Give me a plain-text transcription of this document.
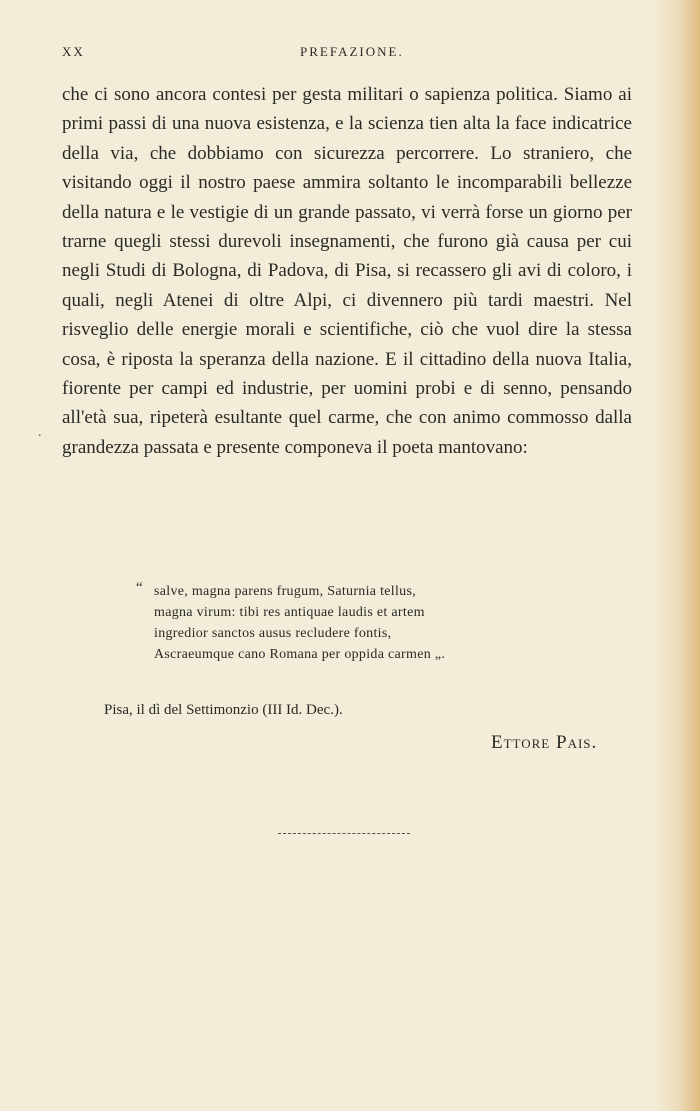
XX	PREFAZIONE.

che ci sono ancora contesi per gesta militari o sapienza politica. Siamo ai primi passi di una nuova esistenza, e la scienza tien alta la face indicatrice della via, che dobbiamo con sicurezza percorrere. Lo straniero, che visitando oggi il nostro paese ammira soltanto le incomparabili bellezze della natura e le vestigie di un grande passato, vi verrà forse un giorno per trarne quegli stessi durevoli insegnamenti, che furono già causa per cui negli Studi di Bologna, di Padova, di Pisa, si recassero gli avi di coloro, i quali, negli Atenei di oltre Alpi, ci divennero più tardi maestri. Nel risveglio delle energie morali e scientifiche, ciò che vuol dire la stessa cosa, è riposta la speranza della nazione. E il cittadino della nuova Italia, fiorente per campi ed industrie, per uomini probi e di senno, pensando all'età sua, ripeterà esultante quel carme, che con animo commosso dalla grandezza passata e presente componeva il poeta mantovano:

.
“ salve, magna parens frugum, Saturnia tellus,
magna virum: tibi res antiquae laudis et artem
ingredior sanctos ausus recludere fontis,
Ascraeumque cano Romana per oppida carmen „.
Pisa, il dì del Settimonzio (III Id. Dec.).
Ettore Pais.
